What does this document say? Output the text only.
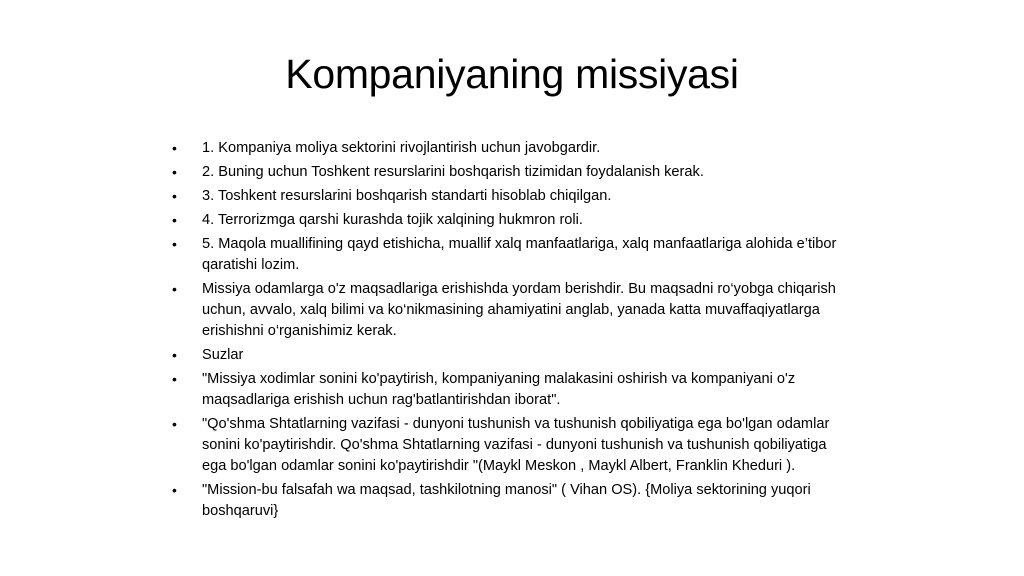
Kompaniyaning missiyasi
•	1. Kompaniya moliya sektorini rivojlantirish uchun javobgardir.
•	2. Buning uchun Toshkent resurslarini boshqarish tizimidan foydalanish kerak.
•	3. Toshkent resurslarini boshqarish standarti hisoblab chiqilgan.
•	4. Terrorizmga qarshi kurashda tojik xalqining hukmron roli.
•	5. Maqola muallifining qayd etishicha, muallif xalq manfaatlariga, xalq manfaatlariga alohida e’tibor qaratishi lozim.
•	Missiya odamlarga o'z maqsadlariga erishishda yordam berishdir. Bu maqsadni ro‘yobga chiqarish uchun, avvalo, xalq bilimi va ko‘nikmasining ahamiyatini anglab, yanada katta muvaffaqiyatlarga erishishni o‘rganishimiz kerak.
•	Suzlar
•	"Missiya xodimlar sonini ko'paytirish, kompaniyaning malakasini oshirish va kompaniyani o'z maqsadlariga erishish uchun rag'batlantirishdan iborat".
•	"Qo'shma Shtatlarning vazifasi - dunyoni tushunish va tushunish qobiliyatiga ega bo'lgan odamlar sonini ko'paytirishdir. Qo'shma Shtatlarning vazifasi - dunyoni tushunish va tushunish qobiliyatiga ega bo'lgan odamlar sonini ko'paytirishdir "(Maykl Meskon , Maykl Albert, Franklin Kheduri ).
•	"Mission-bu falsafah wa maqsad, tashkilotning manosi" ( Vihan OS). {Moliya sektorining yuqori boshqaruvi}
